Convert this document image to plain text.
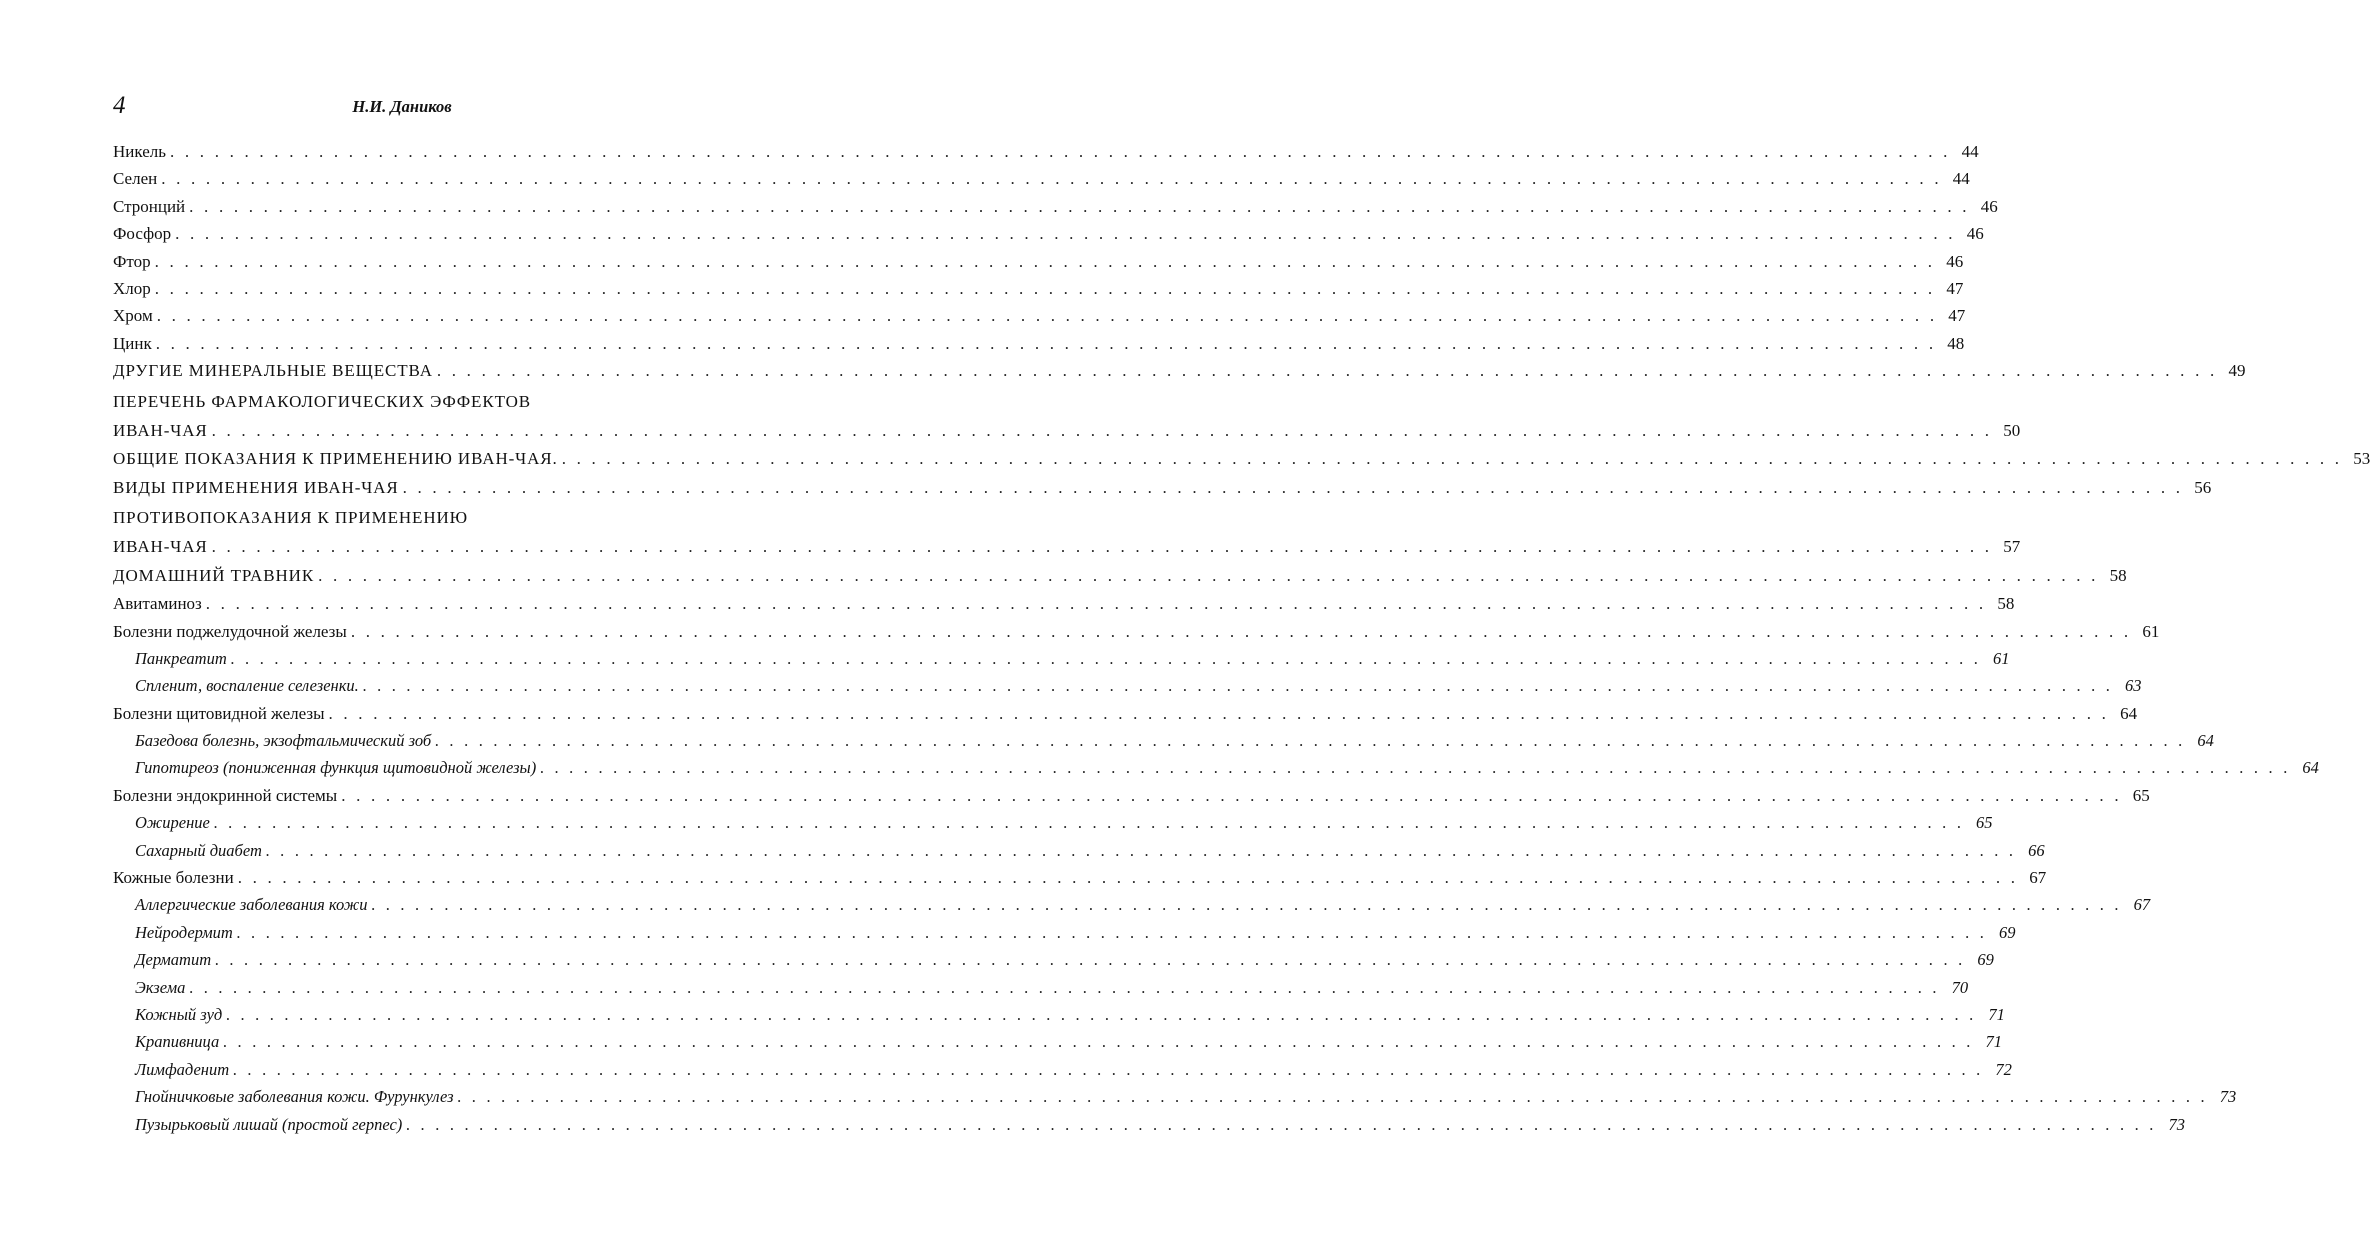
4	Н.И. Даников
Никель . . . . . . . . . . . . . . . . . . . . . . . . . . . . . . . . . . . . . . . . . . . . . . . . . . . . . . . . . . . . . . . . . . . . . . . . . . . . . . . . . . . . . . . . . . . . . . . . . . . . . . . . . . . . . . . . . . . . . . . . 44
Селен . . . . . . . . . . . . . . . . . . . . . . . . . . . . . . . . . . . . . . . . . . . . . . . . . . . . . . . . . . . . . . . . . . . . . . . . . . . . . . . . . . . . . . . . . . . . . . . . . . . . . . . . . . . . . . . . . . . . . . . . 44
Стронций . . . . . . . . . . . . . . . . . . . . . . . . . . . . . . . . . . . . . . . . . . . . . . . . . . . . . . . . . . . . . . . . . . . . . . . . . . . . . . . . . . . . . . . . . . . . . . . . . . . . . . . . . . . . . . . . . . . . . . . . 46
Фосфор . . . . . . . . . . . . . . . . . . . . . . . . . . . . . . . . . . . . . . . . . . . . . . . . . . . . . . . . . . . . . . . . . . . . . . . . . . . . . . . . . . . . . . . . . . . . . . . . . . . . . . . . . . . . . . . . . . . . . . . . 46
Фтор . . . . . . . . . . . . . . . . . . . . . . . . . . . . . . . . . . . . . . . . . . . . . . . . . . . . . . . . . . . . . . . . . . . . . . . . . . . . . . . . . . . . . . . . . . . . . . . . . . . . . . . . . . . . . . . . . . . . . . . . 46
Хлор . . . . . . . . . . . . . . . . . . . . . . . . . . . . . . . . . . . . . . . . . . . . . . . . . . . . . . . . . . . . . . . . . . . . . . . . . . . . . . . . . . . . . . . . . . . . . . . . . . . . . . . . . . . . . . . . . . . . . . . . 47
Хром . . . . . . . . . . . . . . . . . . . . . . . . . . . . . . . . . . . . . . . . . . . . . . . . . . . . . . . . . . . . . . . . . . . . . . . . . . . . . . . . . . . . . . . . . . . . . . . . . . . . . . . . . . . . . . . . . . . . . . . . 47
Цинк . . . . . . . . . . . . . . . . . . . . . . . . . . . . . . . . . . . . . . . . . . . . . . . . . . . . . . . . . . . . . . . . . . . . . . . . . . . . . . . . . . . . . . . . . . . . . . . . . . . . . . . . . . . . . . . . . . . . . . . . 48
ДРУГИЕ МИНЕРАЛЬНЫЕ ВЕЩЕСТВА . . . . . . . . . . . . . . . . . . . . . . . . . . . . . . . . . . . . . . . . . . . . . . . . . . . . . . . . . . . . . . . . . . . . . . . . . . . . . . . . . . . . . . . . . . . . . . . . . . . . . . . . . . . . . . . . . . . . . . . . 49
ПЕРЕЧЕНЬ ФАРМАКОЛОГИЧЕСКИХ ЭФФЕКТОВ
ИВАН-ЧАЯ . . . . . . . . . . . . . . . . . . . . . . . . . . . . . . . . . . . . . . . . . . . . . . . . . . . . . . . . . . . . . . . . . . . . . . . . . . . . . . . . . . . . . . . . . . . . . . . . . . . . . . . . . . . . . . . . . . . . . . . . 50
ОБЩИЕ ПОКАЗАНИЯ К ПРИМЕНЕНИЮ ИВАН-ЧАЯ. . . . . . . . . . . . . . . . . . . . . . . . . . . . . . . . . . . . . . . . . . . . . . . . . . . . . . . . . . . . . . . . . . . . . . . . . . . . . . . . . . . . . . . . . . . . . . . . . . . . . . . . . . . . . . . . . . . . . . . . . 53
ВИДЫ ПРИМЕНЕНИЯ ИВАН-ЧАЯ . . . . . . . . . . . . . . . . . . . . . . . . . . . . . . . . . . . . . . . . . . . . . . . . . . . . . . . . . . . . . . . . . . . . . . . . . . . . . . . . . . . . . . . . . . . . . . . . . . . . . . . . . . . . . . . . . . . . . . . . 56
ПРОТИВОПОКАЗАНИЯ К ПРИМЕНЕНИЮ
ИВАН-ЧАЯ . . . . . . . . . . . . . . . . . . . . . . . . . . . . . . . . . . . . . . . . . . . . . . . . . . . . . . . . . . . . . . . . . . . . . . . . . . . . . . . . . . . . . . . . . . . . . . . . . . . . . . . . . . . . . . . . . . . . . . . . 57
ДОМАШНИЙ ТРАВНИК . . . . . . . . . . . . . . . . . . . . . . . . . . . . . . . . . . . . . . . . . . . . . . . . . . . . . . . . . . . . . . . . . . . . . . . . . . . . . . . . . . . . . . . . . . . . . . . . . . . . . . . . . . . . . . . . . . . . . . . . 58
Авитаминоз . . . . . . . . . . . . . . . . . . . . . . . . . . . . . . . . . . . . . . . . . . . . . . . . . . . . . . . . . . . . . . . . . . . . . . . . . . . . . . . . . . . . . . . . . . . . . . . . . . . . . . . . . . . . . . . . . . . . . . . . 58
Болезни поджелудочной железы . . . . . . . . . . . . . . . . . . . . . . . . . . . . . . . . . . . . . . . . . . . . . . . . . . . . . . . . . . . . . . . . . . . . . . . . . . . . . . . . . . . . . . . . . . . . . . . . . . . . . . . . . . . . . . . . . . . . . . . . 61
Панкреатит . . . . . . . . . . . . . . . . . . . . . . . . . . . . . . . . . . . . . . . . . . . . . . . . . . . . . . . . . . . . . . . . . . . . . . . . . . . . . . . . . . . . . . . . . . . . . . . . . . . . . . . . . . . . . . . . . . . . . . . . 61
Спленит, воспаление селезенки. . . . . . . . . . . . . . . . . . . . . . . . . . . . . . . . . . . . . . . . . . . . . . . . . . . . . . . . . . . . . . . . . . . . . . . . . . . . . . . . . . . . . . . . . . . . . . . . . . . . . . . . . . . . . . . . . . . . . . . . . 63
Болезни щитовидной железы . . . . . . . . . . . . . . . . . . . . . . . . . . . . . . . . . . . . . . . . . . . . . . . . . . . . . . . . . . . . . . . . . . . . . . . . . . . . . . . . . . . . . . . . . . . . . . . . . . . . . . . . . . . . . . . . . . . . . . . . 64
Базедова болезнь, экзофтальмический зоб . . . . . . . . . . . . . . . . . . . . . . . . . . . . . . . . . . . . . . . . . . . . . . . . . . . . . . . . . . . . . . . . . . . . . . . . . . . . . . . . . . . . . . . . . . . . . . . . . . . . . . . . . . . . . . . . . . . . . . . . 64
Гипотиреоз (пониженная функция щитовидной железы) . . . . . . . . . . . . . . . . . . . . . . . . . . . . . . . . . . . . . . . . . . . . . . . . . . . . . . . . . . . . . . . . . . . . . . . . . . . . . . . . . . . . . . . . . . . . . . . . . . . . . . . . . . . . . . . . . . . . . . . . 64
Болезни эндокринной системы . . . . . . . . . . . . . . . . . . . . . . . . . . . . . . . . . . . . . . . . . . . . . . . . . . . . . . . . . . . . . . . . . . . . . . . . . . . . . . . . . . . . . . . . . . . . . . . . . . . . . . . . . . . . . . . . . . . . . . . . 65
Ожирение . . . . . . . . . . . . . . . . . . . . . . . . . . . . . . . . . . . . . . . . . . . . . . . . . . . . . . . . . . . . . . . . . . . . . . . . . . . . . . . . . . . . . . . . . . . . . . . . . . . . . . . . . . . . . . . . . . . . . . . . 65
Сахарный диабет . . . . . . . . . . . . . . . . . . . . . . . . . . . . . . . . . . . . . . . . . . . . . . . . . . . . . . . . . . . . . . . . . . . . . . . . . . . . . . . . . . . . . . . . . . . . . . . . . . . . . . . . . . . . . . . . . . . . . . . . 66
Кожные болезни . . . . . . . . . . . . . . . . . . . . . . . . . . . . . . . . . . . . . . . . . . . . . . . . . . . . . . . . . . . . . . . . . . . . . . . . . . . . . . . . . . . . . . . . . . . . . . . . . . . . . . . . . . . . . . . . . . . . . . . . 67
Аллергические заболевания кожи . . . . . . . . . . . . . . . . . . . . . . . . . . . . . . . . . . . . . . . . . . . . . . . . . . . . . . . . . . . . . . . . . . . . . . . . . . . . . . . . . . . . . . . . . . . . . . . . . . . . . . . . . . . . . . . . . . . . . . . . 67
Нейродермит . . . . . . . . . . . . . . . . . . . . . . . . . . . . . . . . . . . . . . . . . . . . . . . . . . . . . . . . . . . . . . . . . . . . . . . . . . . . . . . . . . . . . . . . . . . . . . . . . . . . . . . . . . . . . . . . . . . . . . . . 69
Дерматит . . . . . . . . . . . . . . . . . . . . . . . . . . . . . . . . . . . . . . . . . . . . . . . . . . . . . . . . . . . . . . . . . . . . . . . . . . . . . . . . . . . . . . . . . . . . . . . . . . . . . . . . . . . . . . . . . . . . . . . . 69
Экзема . . . . . . . . . . . . . . . . . . . . . . . . . . . . . . . . . . . . . . . . . . . . . . . . . . . . . . . . . . . . . . . . . . . . . . . . . . . . . . . . . . . . . . . . . . . . . . . . . . . . . . . . . . . . . . . . . . . . . . . . 70
Кожный зуд . . . . . . . . . . . . . . . . . . . . . . . . . . . . . . . . . . . . . . . . . . . . . . . . . . . . . . . . . . . . . . . . . . . . . . . . . . . . . . . . . . . . . . . . . . . . . . . . . . . . . . . . . . . . . . . . . . . . . . . . 71
Крапивница . . . . . . . . . . . . . . . . . . . . . . . . . . . . . . . . . . . . . . . . . . . . . . . . . . . . . . . . . . . . . . . . . . . . . . . . . . . . . . . . . . . . . . . . . . . . . . . . . . . . . . . . . . . . . . . . . . . . . . . . 71
Лимфаденит . . . . . . . . . . . . . . . . . . . . . . . . . . . . . . . . . . . . . . . . . . . . . . . . . . . . . . . . . . . . . . . . . . . . . . . . . . . . . . . . . . . . . . . . . . . . . . . . . . . . . . . . . . . . . . . . . . . . . . . . 72
Гнойничковые заболевания кожи. Фурункулез . . . . . . . . . . . . . . . . . . . . . . . . . . . . . . . . . . . . . . . . . . . . . . . . . . . . . . . . . . . . . . . . . . . . . . . . . . . . . . . . . . . . . . . . . . . . . . . . . . . . . . . . . . . . . . . . . . . . . . . . 73
Пузырьковый лишай (простой герпес) . . . . . . . . . . . . . . . . . . . . . . . . . . . . . . . . . . . . . . . . . . . . . . . . . . . . . . . . . . . . . . . . . . . . . . . . . . . . . . . . . . . . . . . . . . . . . . . . . . . . . . . . . . . . . . . . . . . . . . . . 73
